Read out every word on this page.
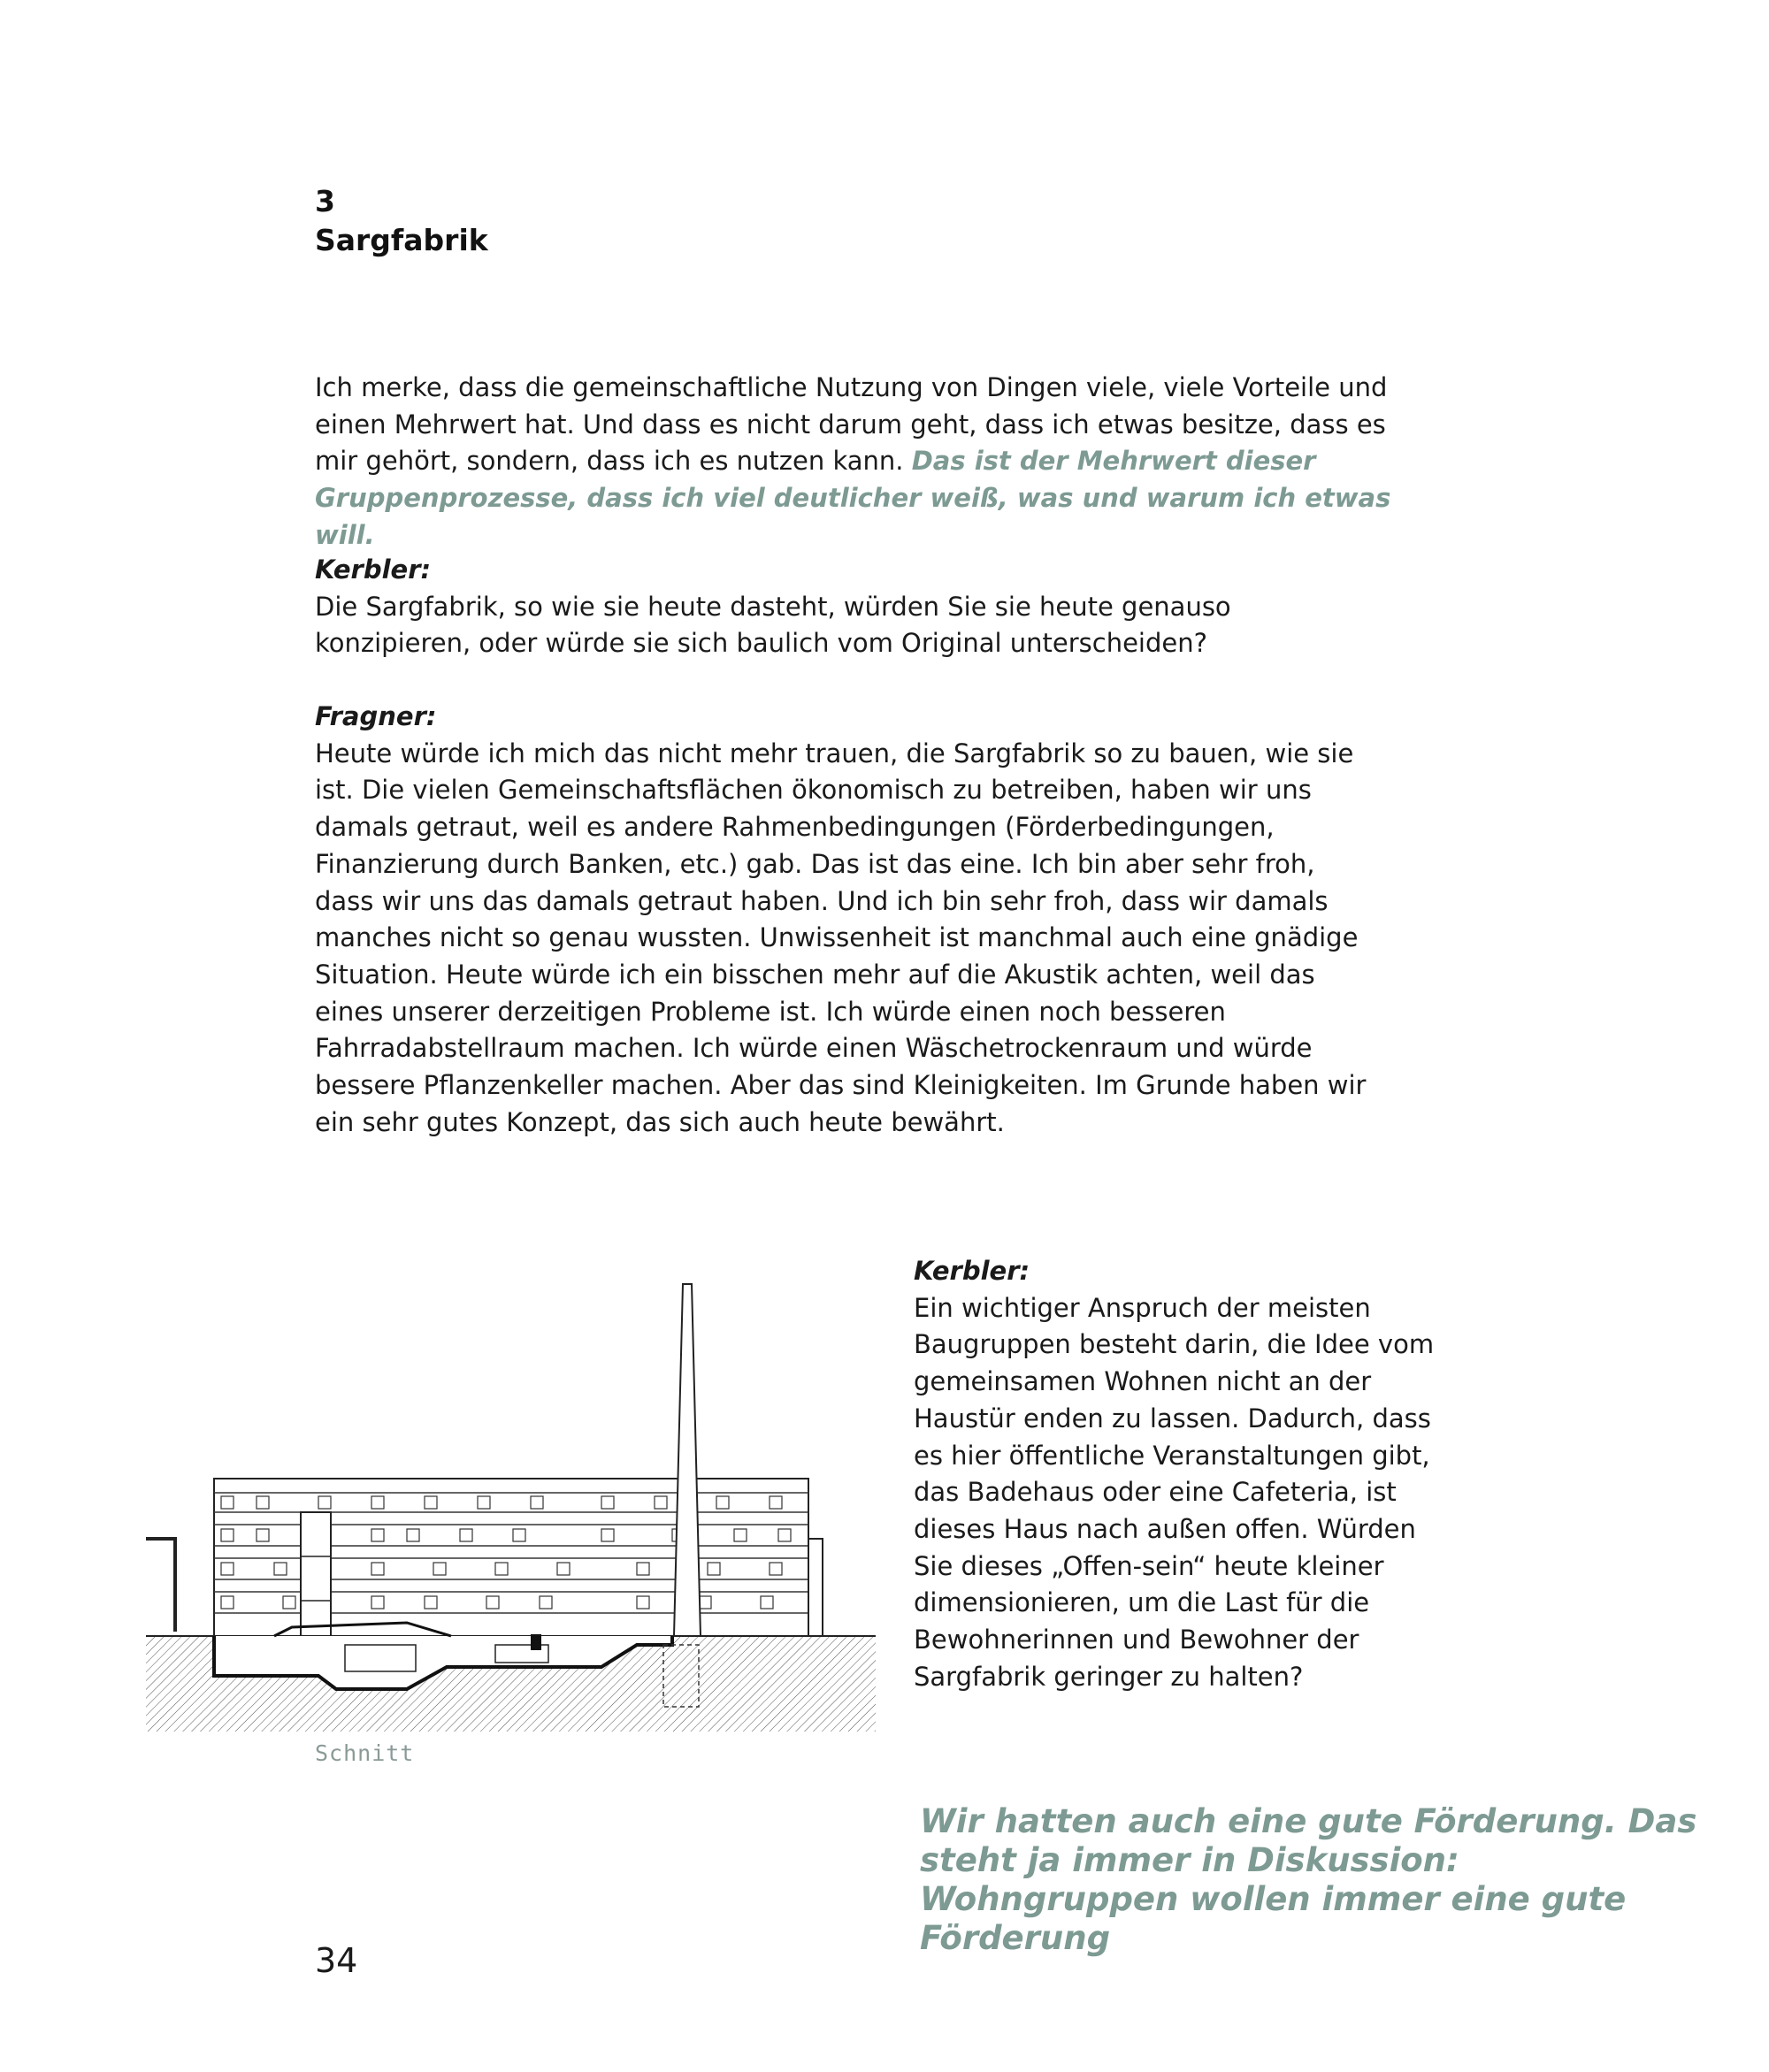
3
Sargfabrik

Ich merke, dass die gemeinschaftliche Nutzung von Dingen viele, viele Vorteile und einen Mehrwert hat. Und dass es nicht darum geht, dass ich etwas besitze, dass es mir gehört, sondern, dass ich es nutzen kann. Das ist der Mehrwert dieser Gruppenprozesse, dass ich viel deutlicher weiß, was und warum ich etwas will.

Kerbler:

Die Sargfabrik, so wie sie heute dasteht, würden Sie sie heute genauso konzipieren, oder würde sie sich baulich vom Original unterscheiden?

Fragner:

Heute würde ich mich das nicht mehr trauen, die Sargfabrik so zu bauen, wie sie ist. Die vielen Gemeinschaftsflächen ökonomisch zu betreiben, haben wir uns damals getraut, weil es andere Rahmenbedingungen (Förderbedingungen, Finanzierung durch Banken, etc.) gab. Das ist das eine. Ich bin aber sehr froh, dass wir uns das damals getraut haben. Und ich bin sehr froh, dass wir damals manches nicht so genau wussten. Unwissenheit ist manchmal auch eine gnädige Situation. Heute würde ich ein bisschen mehr auf die Akustik achten, weil das eines unserer derzeitigen Probleme ist. Ich würde einen noch besseren Fahrradabstellraum machen. Ich würde einen Wäschetrockenraum und würde bessere Pflanzenkeller machen. Aber das sind Kleinigkeiten. Im Grunde haben wir ein sehr gutes Konzept, das sich auch heute bewährt.

Schnitt
Kerbler:

Ein wichtiger Anspruch der meisten Baugruppen besteht darin, die Idee vom gemeinsamen Wohnen nicht an der Haustür enden zu lassen. Dadurch, dass es hier öffentliche Veranstaltungen gibt, das Badehaus oder eine Cafeteria, ist dieses Haus nach außen offen. Würden Sie dieses „Offen-sein“ heute kleiner dimensionieren, um die Last für die Bewohnerinnen und Bewohner der Sargfabrik geringer zu halten?

Wir hatten auch eine gute Förderung. Das steht ja immer in Diskussion: Wohngruppen wollen immer eine gute Förderung
34
